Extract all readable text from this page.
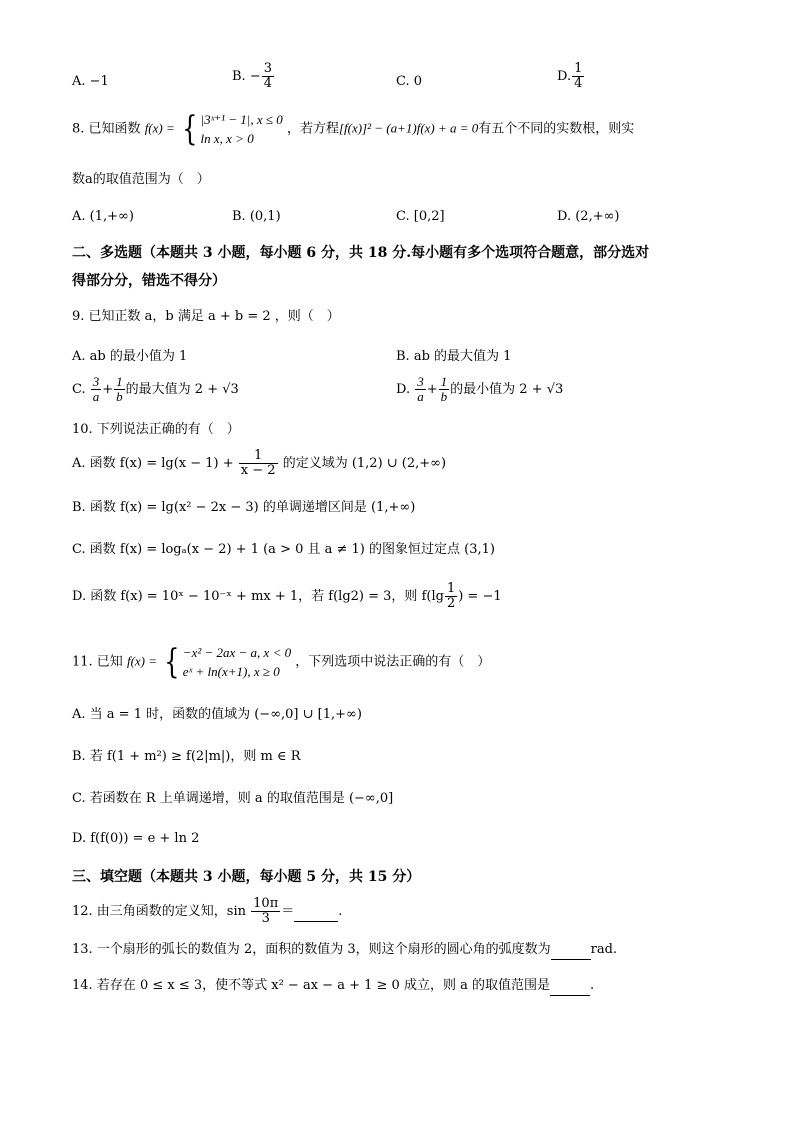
A. −1	B. − $\frac{3}{4}$	C. 0	D. $\frac{1}{4}$
8. 已知函数 f(x) = { |3ˣ⁺¹ − 1|, x ≤ 0
ln x, x > 0
，若方程[f(x)]² − (a+1)f(x) + a = 0有五个不同的实数根，则实
数a的取值范围为（　）
A. (1,+∞)	B. (0,1)	C. [0,2]	D. (2,+∞)
二、多选题（本题共 3 小题，每小题 6 分，共 18 分.每小题有多个选项符合题意，部分选对
得部分分，错选不得分）
9. 已知正数 a，b 满足 a + b = 2 ，则（　）
A. ab 的最小值为 1	B. ab 的最大值为 1
C. $\frac{3}{a} + \frac{1}{b}$ 的最大值为 2 + √3	D. $\frac{3}{a} + \frac{1}{b}$ 的最小值为 2 + √3
10. 下列说法正确的有（　）
A. 函数 $f(x) = \lg(x - 1) + \frac{1}{x - 2}$ 的定义域为 (1,2) ∪ (2,+∞)
B. 函数 f(x) = lg(x² − 2x − 3) 的单调递增区间是 (1,+∞)
C. 函数 f(x) = logₐ(x − 2) + 1 (a > 0 且 a ≠ 1) 的图象恒过定点 (3,1)
D. 函数 f(x) = 10ˣ − 10⁻ˣ + mx + 1，若 f(lg2) = 3，则 $f(\lg \frac{1}{2}$ ) = −1
11. 已知 f(x) = { −x² − 2ax − a, x < 0
eˣ + ln(x+1), x ≥ 0
，下列选项中说法正确的有（　）
A. 当 a = 1 时，函数的值域为 (−∞,0] ∪ [1,+∞)
B. 若 f(1 + m²) ≥ f(2|m|)，则 m ∈ R
C. 若函数在 R 上单调递增，则 a 的取值范围是 (−∞,0]
D. f(f(0)) = e + ln 2
三、填空题（本题共 3 小题，每小题 5 分，共 15 分）
12. 由三角函数的定义知，$\sin \frac{10\pi}{3}$ ＝	.
13. 一个扇形的弧长的数值为 2，面积的数值为 3，则这个扇形的圆心角的弧度数为	rad.
14. 若存在 0 ≤ x ≤ 3，使不等式 x² − ax − a + 1 ≥ 0 成立，则 a 的取值范围是	.
